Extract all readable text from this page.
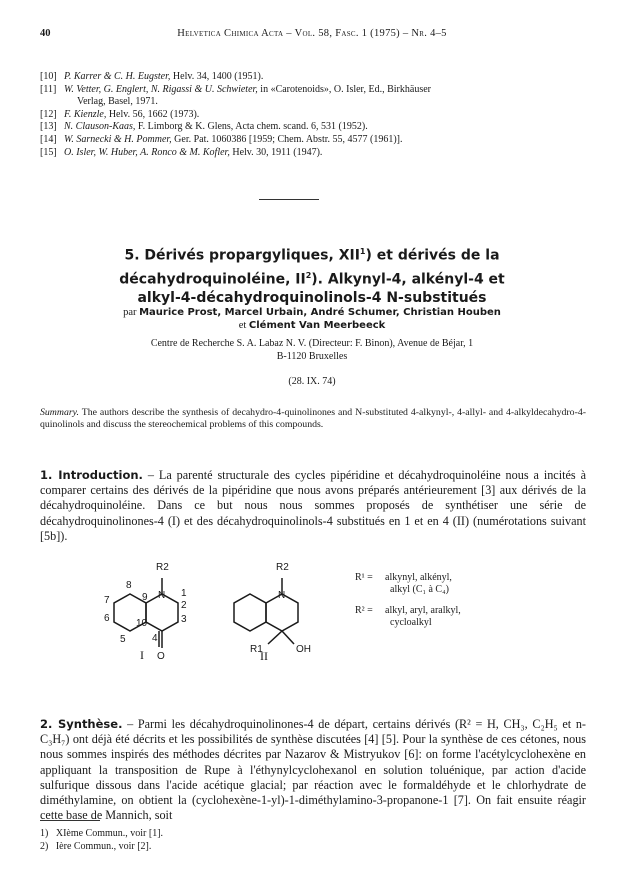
40	Helvetica Chimica Acta – Vol. 58, Fasc. 1 (1975) – Nr. 4–5
[10] P. Karrer & C. H. Eugster, Helv. 34, 1400 (1951).
[11] W. Vetter, G. Englert, N. Rigassi & U. Schwieter, in «Carotenoids», O. Isler, Ed., Birkhäuser
Verlag, Basel, 1971.
[12] F. Kienzle, Helv. 56, 1662 (1973).
[13] N. Clauson-Kaas, F. Limborg & K. Glens, Acta chem. scand. 6, 531 (1952).
[14] W. Sarnecki & H. Pommer, Ger. Pat. 1060386 [1959; Chem. Abstr. 55, 4577 (1961)].
[15] O. Isler, W. Huber, A. Ronco & M. Kofler, Helv. 30, 1911 (1947).
5. Dérivés propargyliques, XII$^1$) et dérivés de la
décahydroquinoléine, $II^2$). Alkynyl-4, alkényl-4 et
alkyl-4-décahydroquinolinols-4 N-substitués
par Maurice Prost, Marcel Urbain, André Schumer, Christian Houben
et Clément Van Meerbeeck
Centre de Recherche S. A. Labaz N. V. (Directeur: F. Binon), Avenue de Béjar, 1
B-1120 Bruxelles
(28. IX. 74)
Summary. The authors describe the synthesis of decahydro-4-quinolinones and N-substituted 4-alkynyl-, 4-allyl- and 4-alkyldecahydro-4-quinolinols and discuss the stereochemical problems of this compounds.
1. Introduction. – La parenté structurale des cycles pipéridine et décahydroquinoléine nous a incités à comparer certains des dérivés de la pipéridine que nous avons préparés antérieurement [3] aux dérivés de la décahydroquinoléine. Dans ce but nous nous sommes proposés de synthétiser une série de décahydroquinolinones-4 (I) et des décahydroquinolinols-4 substitués en 1 et en 4 (II) (numérotations suivant [5b]).
R2
N
O
1
2
3
4
5
6
7
8
9
10
I
R2
N
R1	OH
II
R¹ =	alkynyl, alkényl,
alkyl (C₁ à C₄)
R² =	alkyl, aryl, aralkyl,
cycloalkyl
2. Synthèse. – Parmi les décahydroquinolinones-4 de départ, certains dérivés (R² = H, CH₃, C₂H₅ et n- C₃H₇) ont déjà été décrits et les possibilités de synthèse discutées [4] [5]. Pour la synthèse de ces cétones, nous nous sommes inspirés des méthodes décrites par Nazarov & Mistryukov [6]: on forme l'acétylcyclohexène en appliquant la transposition de Rupe à l'éthynylcyclohexanol en solution toluénique, par action d'acide sulfurique dissous dans l'acide acétique glacial; par réaction avec le formaldéhyde et le chlorhydrate de diméthylamine, on obtient la (cyclohexène-1-yl)-1-diméthylamino-3-propanone-1 [7]. On fait ensuite réagir cette base de Mannich, soit
1) XIème Commun., voir [1].
2) Ière Commun., voir [2].
